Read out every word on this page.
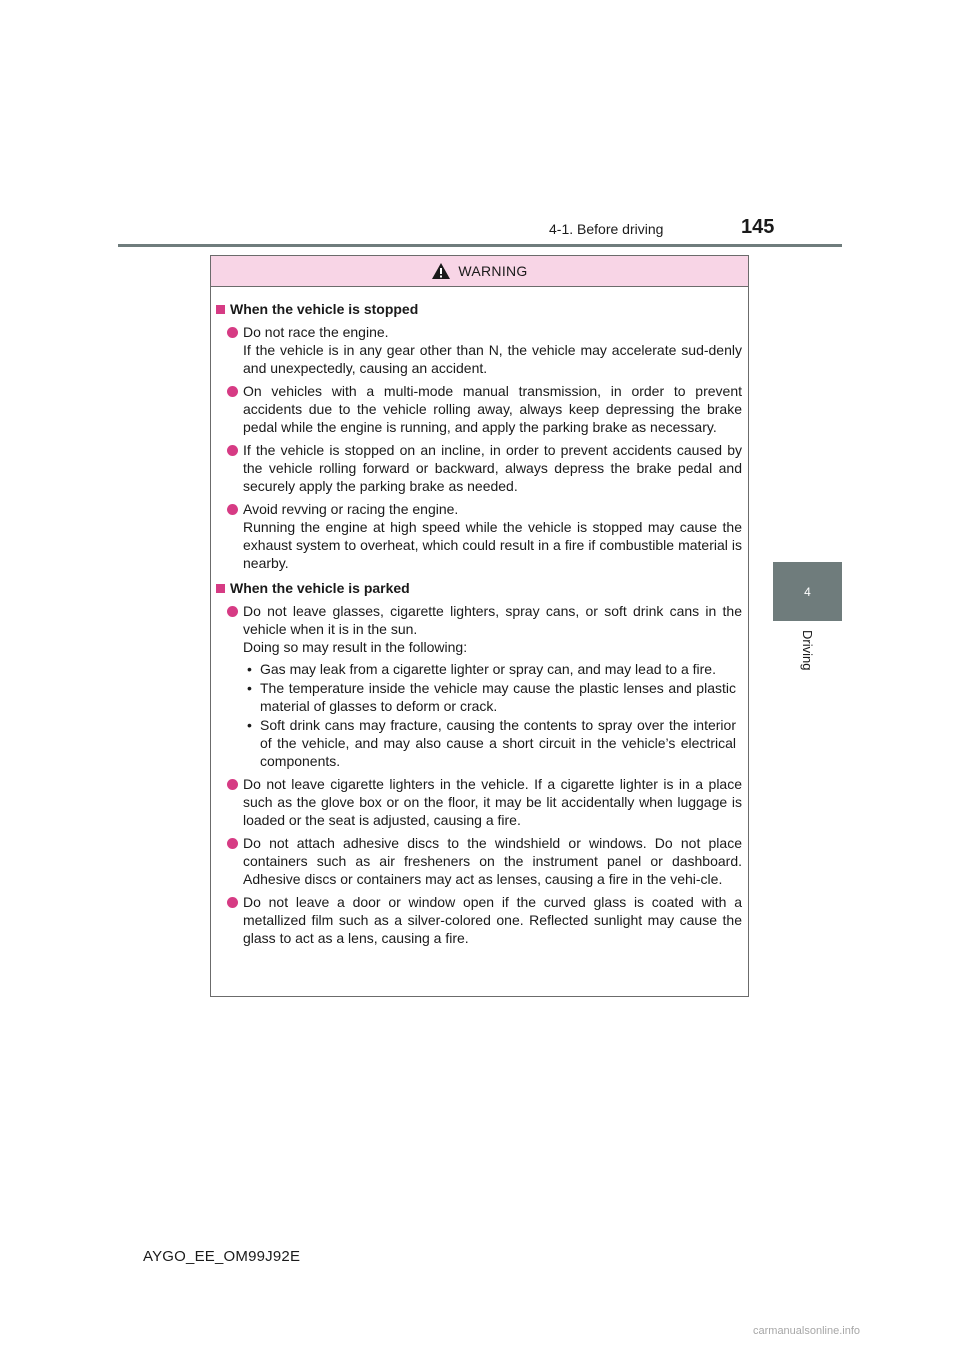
4-1. Before driving	145
4
Driving
WARNING
When the vehicle is stopped

Do not race the engine.

If the vehicle is in any gear other than N, the vehicle may accelerate sud-denly and unexpectedly, causing an accident.

On vehicles with a multi-mode manual transmission, in order to prevent accidents due to the vehicle rolling away, always keep depressing the brake pedal while the engine is running, and apply the parking brake as necessary.

If the vehicle is stopped on an incline, in order to prevent accidents caused by the vehicle rolling forward or backward, always depress the brake pedal and securely apply the parking brake as needed.

Avoid revving or racing the engine.

Running the engine at high speed while the vehicle is stopped may cause the exhaust system to overheat, which could result in a fire if combustible material is nearby.

When the vehicle is parked

Do not leave glasses, cigarette lighters, spray cans, or soft drink cans in the vehicle when it is in the sun.

Doing so may result in the following:

• Gas may leak from a cigarette lighter or spray can, and may lead to a fire.
• The temperature inside the vehicle may cause the plastic lenses and plastic material of glasses to deform or crack.
• Soft drink cans may fracture, causing the contents to spray over the interior of the vehicle, and may also cause a short circuit in the vehicle’s electrical components.

Do not leave cigarette lighters in the vehicle. If a cigarette lighter is in a place such as the glove box or on the floor, it may be lit accidentally when luggage is loaded or the seat is adjusted, causing a fire.

Do not attach adhesive discs to the windshield or windows. Do not place containers such as air fresheners on the instrument panel or dashboard. Adhesive discs or containers may act as lenses, causing a fire in the vehi-cle.

Do not leave a door or window open if the curved glass is coated with a metallized film such as a silver-colored one. Reflected sunlight may cause the glass to act as a lens, causing a fire.

AYGO_EE_OM99J92E
carmanualsonline.info
